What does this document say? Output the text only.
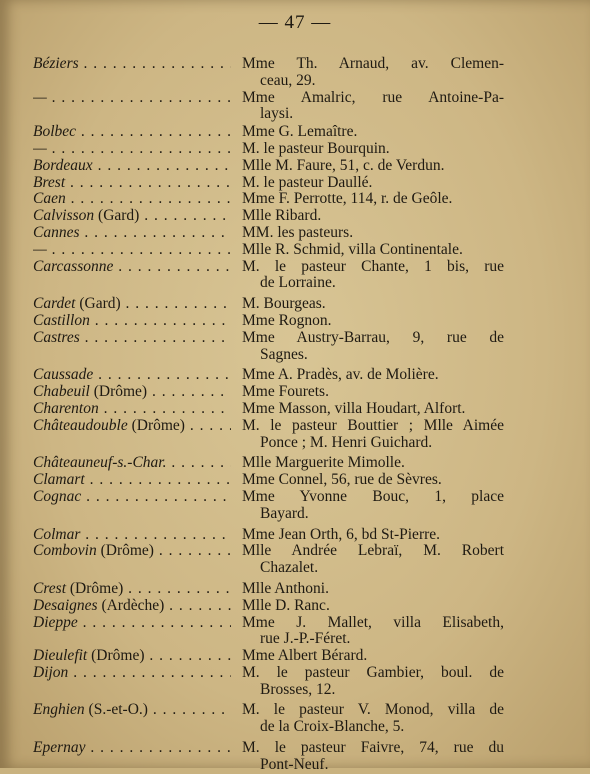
— 47 —
Béziers . . .	Mme Th. Arnaud, av. Clemen-
ceau, 29.
— . . .	Mme Amalric, rue Antoine-Pa-
laysi.
Bolbec . . .	Mme G. Lemaître.
— . . .	M. le pasteur Bourquin.
Bordeaux . . .	Mlle M. Faure, 51, c. de Verdun.
Brest . . .	M. le pasteur Daullé.
Caen . . .	Mme F. Perrotte, 114, r. de Geôle.
Calvisson (Gard) . . .	Mlle Ribard.
Cannes . . .	MM. les pasteurs.
— . . .	Mlle R. Schmid, villa Continentale.
Carcassonne . . .	M. le pasteur Chante, 1 bis, rue
de Lorraine.
Cardet (Gard) . . .	M. Bourgeas.
Castillon . . .	Mme Rognon.
Castres . . .	Mme Austry-Barrau, 9, rue de
Sagnes.
Caussade . . .	Mme A. Pradès, av. de Molière.
Chabeuil (Drôme) . . .	Mme Fourets.
Charenton . . .	Mme Masson, villa Houdart, Alfort.
Châteaudouble (Drôme) . . .	M. le pasteur Bouttier ; Mlle Aimée
Ponce ; M. Henri Guichard.
Châteauneuf-s.-Char. . . .	Mlle Marguerite Mimolle.
Clamart . . .	Mme Connel, 56, rue de Sèvres.
Cognac . . .	Mme Yvonne Bouc, 1, place
Bayard.
Colmar . . .	Mme Jean Orth, 6, bd St-Pierre.
Combovin (Drôme) . . .	Mlle Andrée Lebraï, M. Robert
Chazalet.
Crest (Drôme) . . .	Mlle Anthoni.
Desaignes (Ardèche) . . .	Mlle D. Ranc.
Dieppe . . .	Mme J. Mallet, villa Elisabeth,
rue J.-P.-Féret.
Dieulefit (Drôme) . . .	Mme Albert Bérard.
Dijon . . .	M. le pasteur Gambier, boul. de
Brosses, 12.
Enghien (S.-et-O.) . . .	M. le pasteur V. Monod, villa de
de la Croix-Blanche, 5.
Epernay . . .	M. le pasteur Faivre, 74, rue du
Pont-Neuf.
